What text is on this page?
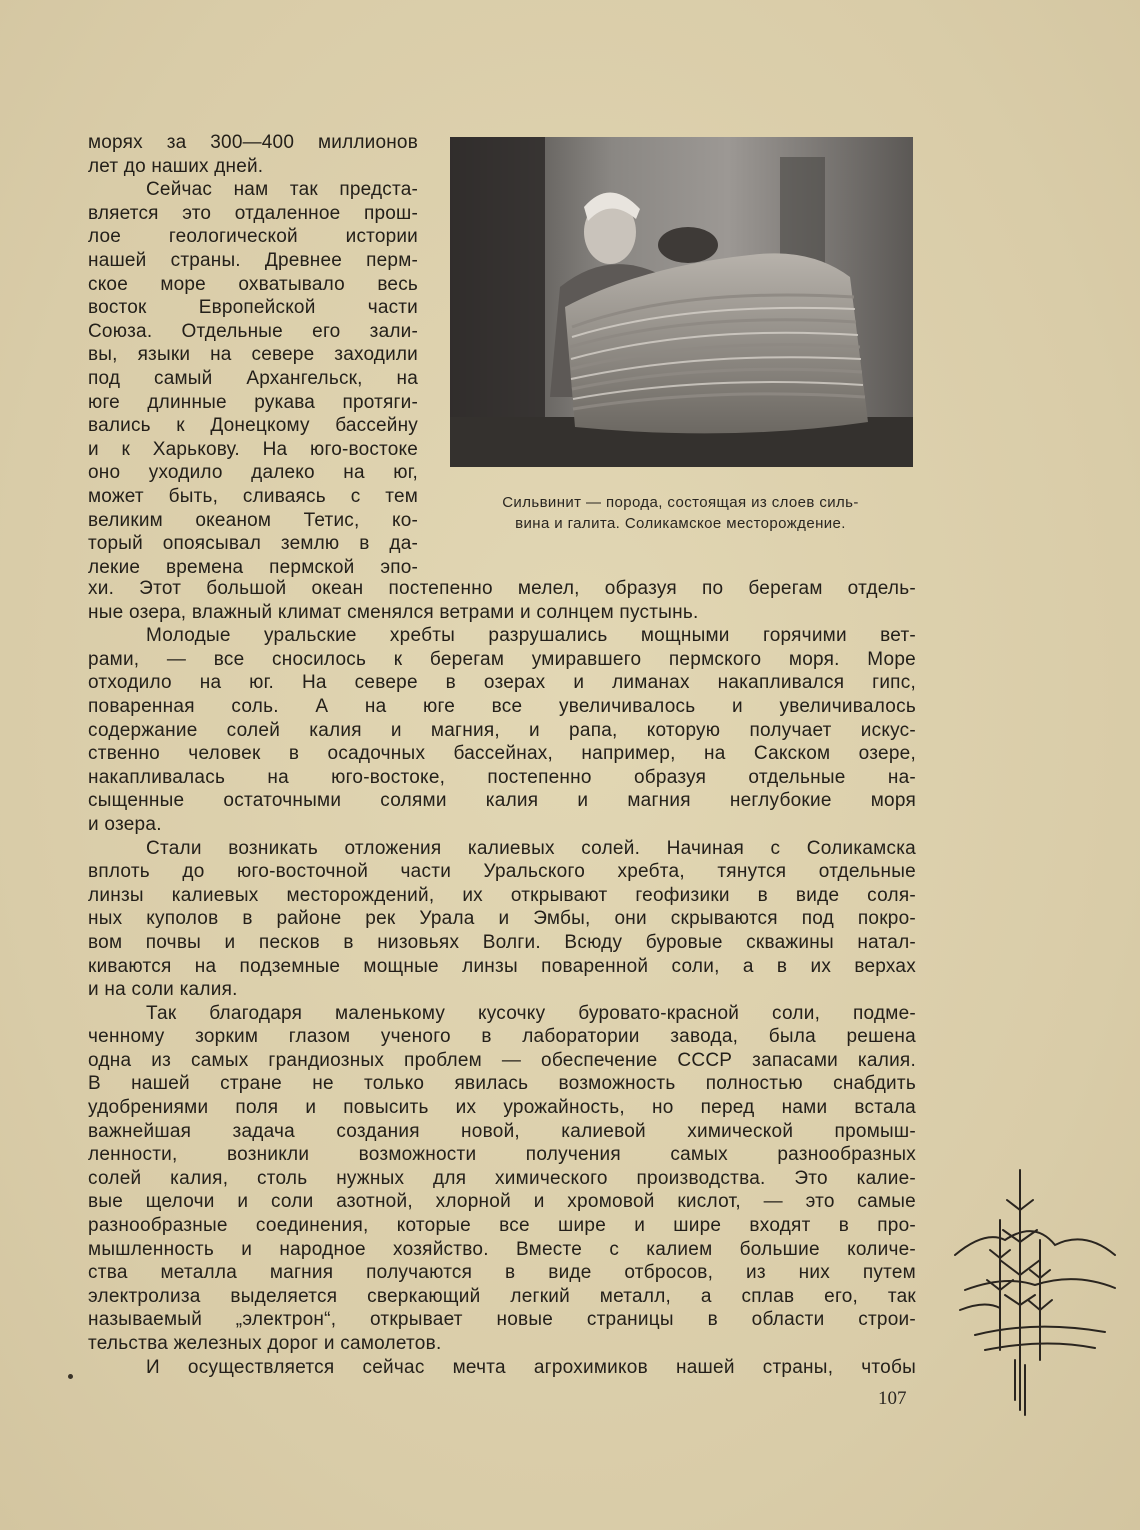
морях за 300—400 миллионов
лет до наших дней.
Сейчас нам так предста-
вляется это отдаленное прош-
лое геологической истории
нашей страны. Древнее перм-
ское море охватывало весь
восток Европейской части
Союза. Отдельные его зали-
вы, языки на севере заходили
под самый Архангельск, на
юге длинные рукава протяги-
вались к Донецкому бассейну
и к Харькову. На юго-востоке
оно уходило далеко на юг,
может быть, сливаясь с тем
великим океаном Тетис, ко-
торый опоясывал землю в да-
лекие времена пермской эпо-
Сильвинит — порода, состоящая из слоев силь-
вина и галита. Соликамское месторождение.
хи. Этот большой океан постепенно мелел, образуя по берегам отдель-
ные озера, влажный климат сменялся ветрами и солнцем пустынь.
Молодые уральские хребты разрушались мощными горячими вет-
рами, — все сносилось к берегам умиравшего пермского моря. Море
отходило на юг. На севере в озерах и лиманах накапливался гипс,
поваренная соль. А на юге все увеличивалось и увеличивалось
содержание солей калия и магния, и рапа, которую получает искус-
ственно человек в осадочных бассейнах, например, на Сакском озере,
накапливалась на юго-востоке, постепенно образуя отдельные на-
сыщенные остаточными солями калия и магния неглубокие моря
и озера.
Стали возникать отложения калиевых солей. Начиная с Соликамска
вплоть до юго-восточной части Уральского хребта, тянутся отдельные
линзы калиевых месторождений, их открывают геофизики в виде соля-
ных куполов в районе рек Урала и Эмбы, они скрываются под покро-
вом почвы и песков в низовьях Волги. Всюду буровые скважины натал-
киваются на подземные мощные линзы поваренной соли, а в их верхах
и на соли калия.
Так благодаря маленькому кусочку буровато-красной соли, подме-
ченному зорким глазом ученого в лаборатории завода, была решена
одна из самых грандиозных проблем — обеспечение СССР запасами калия.
В нашей стране не только явилась возможность полностью снабдить
удобрениями поля и повысить их урожайность, но перед нами встала
важнейшая задача создания новой, калиевой химической промыш-
ленности, возникли возможности получения самых разнообразных
солей калия, столь нужных для химического производства. Это калие-
вые щелочи и соли азотной, хлорной и хромовой кислот, — это самые
разнообразные соединения, которые все шире и шире входят в про-
мышленность и народное хозяйство. Вместе с калием большие количе-
ства металла магния получаются в виде отбросов, из них путем
электролиза выделяется сверкающий легкий металл, а сплав его, так
называемый „электрон“, открывает новые страницы в области строи-
тельства железных дорог и самолетов.
И осуществляется сейчас мечта агрохимиков нашей страны, чтобы
107
